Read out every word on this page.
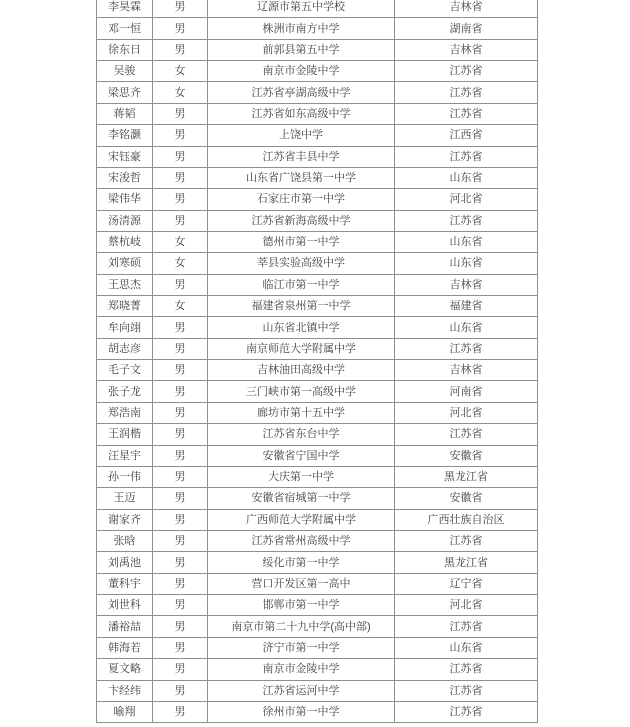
李昊霖	男	辽源市第五中学校	吉林省
邓一恒	男	株洲市南方中学	湖南省
徐东日	男	前郭县第五中学	吉林省
吴骏	女	南京市金陵中学	江苏省
梁思齐	女	江苏省亭湖高级中学	江苏省
蒋韬	男	江苏省如东高级中学	江苏省
李铭灏	男	上饶中学	江西省
宋钰豪	男	江苏省丰县中学	江苏省
宋浚哲	男	山东省广饶县第一中学	山东省
梁伟华	男	石家庄市第一中学	河北省
汤清源	男	江苏省新海高级中学	江苏省
蔡杭岐	女	德州市第一中学	山东省
刘寒硕	女	莘县实验高级中学	山东省
王思杰	男	临江市第一中学	吉林省
郑晓菁	女	福建省泉州第一中学	福建省
牟向翊	男	山东省北镇中学	山东省
胡志彦	男	南京师范大学附属中学	江苏省
毛子文	男	吉林油田高级中学	吉林省
张子龙	男	三门峡市第一高级中学	河南省
郑浩南	男	廊坊市第十五中学	河北省
王润楷	男	江苏省东台中学	江苏省
汪星宇	男	安徽省宁国中学	安徽省
孙一伟	男	大庆第一中学	黑龙江省
王迈	男	安徽省宿城第一中学	安徽省
谢家齐	男	广西师范大学附属中学	广西壮族自治区
张晗	男	江苏省常州高级中学	江苏省
刘禹池	男	绥化市第一中学	黑龙江省
董科宇	男	营口开发区第一高中	辽宁省
刘世科	男	邯郸市第一中学	河北省
潘裕喆	男	南京市第二十九中学(高中部)	江苏省
韩海若	男	济宁市第一中学	山东省
夏文略	男	南京市金陵中学	江苏省
卞经纬	男	江苏省运河中学	江苏省
喻翔	男	徐州市第一中学	江苏省
